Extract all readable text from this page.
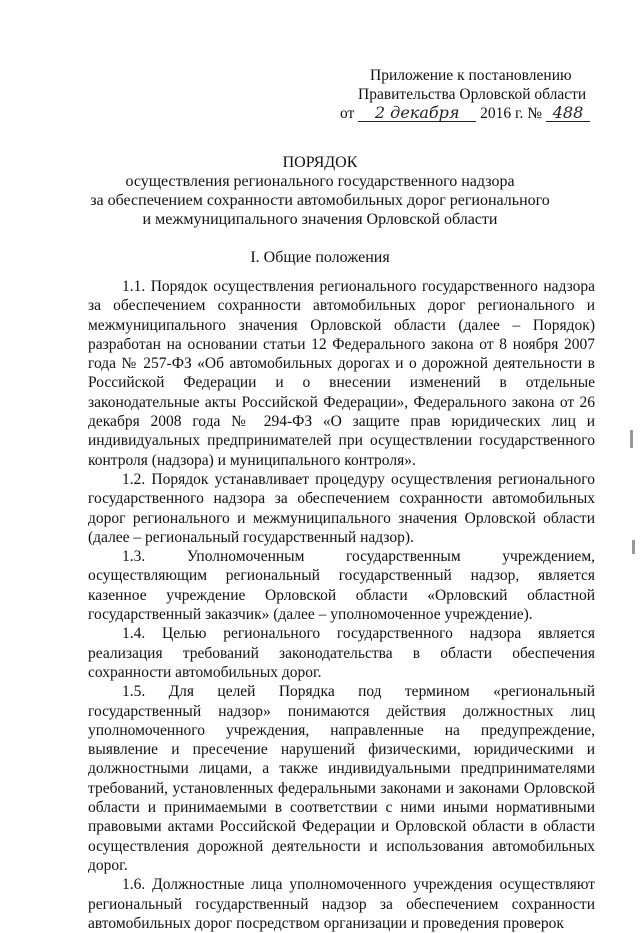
Приложение к постановлению
Правительства Орловской области
от 2 декабря 2016 г. № 488
ПОРЯДОК
осуществления регионального государственного надзора
за обеспечением сохранности автомобильных дорог регионального
и межмуниципального значения Орловской области
I. Общие положения

1.1. Порядок осуществления регионального государственного надзора за обеспечением сохранности автомобильных дорог регионального и межмуниципального значения Орловской области (далее – Порядок) разработан на основании статьи 12 Федерального закона от 8 ноября 2007 года № 257-ФЗ «Об автомобильных дорогах и о дорожной деятельности в Российской Федерации и о внесении изменений в отдельные законодательные акты Российской Федерации», Федерального закона от 26 декабря 2008 года № 294-ФЗ «О защите прав юридических лиц и индивидуальных предпринимателей при осуществлении государственного контроля (надзора) и муниципального контроля».

1.2. Порядок устанавливает процедуру осуществления регионального государственного надзора за обеспечением сохранности автомобильных дорог регионального и межмуниципального значения Орловской области (далее – региональный государственный надзор).

1.3. Уполномоченным государственным учреждением, осуществляющим региональный государственный надзор, является казенное учреждение Орловской области «Орловский областной государственный заказчик» (далее – уполномоченное учреждение).

1.4. Целью регионального государственного надзора является реализация требований законодательства в области обеспечения сохранности автомобильных дорог.

1.5. Для целей Порядка под термином «региональный государственный надзор» понимаются действия должностных лиц уполномоченного учреждения, направленные на предупреждение, выявление и пресечение нарушений физическими, юридическими и должностными лицами, а также индивидуальными предпринимателями требований, установленных федеральными законами и законами Орловской области и принимаемыми в соответствии с ними иными нормативными правовыми актами Российской Федерации и Орловской области в области осуществления дорожной деятельности и использования автомобильных дорог.

1.6. Должностные лица уполномоченного учреждения осуществляют региональный государственный надзор за обеспечением сохранности автомобильных дорог посредством организации и проведения проверок
